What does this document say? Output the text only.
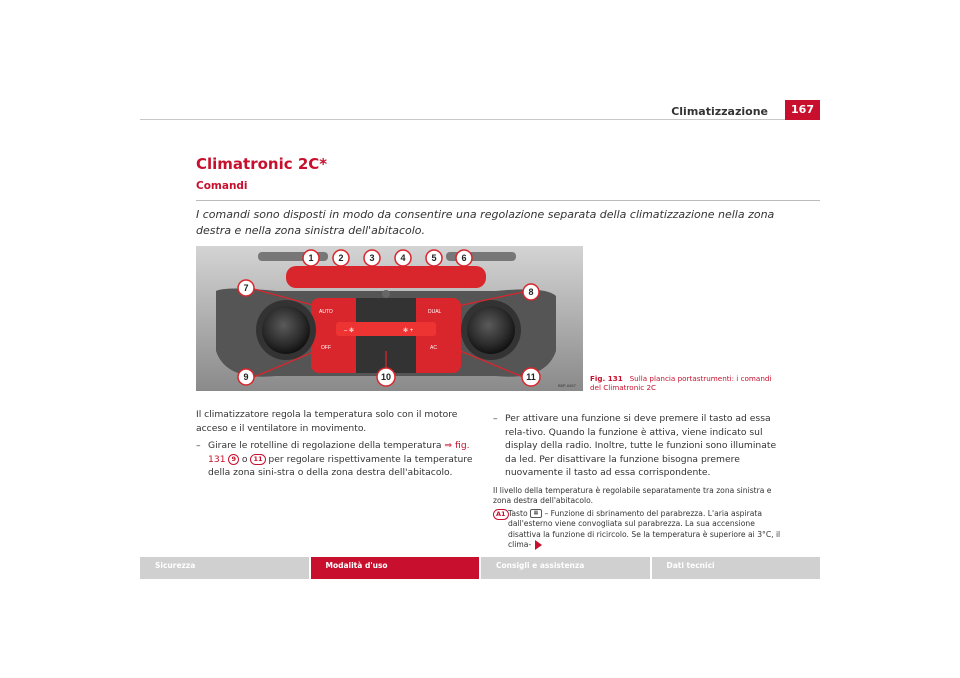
Climatizzazione	167
Climatronic 2C*
Comandi
I comandi sono disposti in modo da consentire una regolazione separata della climatizzazione nella zona destra e nella zona sinistra dell'abitacolo.
AUTO	DUAL
OFF	AC
– ✻	✻ +
B5P-0457
1	2	3	4	5	6
7	8
9	10	11	Fig. 131 Sulla plancia portastrumenti: i comandi del Climatronic 2C
Il climatizzatore regola la temperatura solo con il motore acceso e il ventilatore in movimento.
– Girare le rotelline di regolazione della temperatura ⇒ fig. 131 9 o 11 per regolare rispettivamente la temperature della zona sini-stra o della zona destra dell'abitacolo.
– Per attivare una funzione si deve premere il tasto ad essa rela-tivo. Quando la funzione è attiva, viene indicato sul display della radio. Inoltre, tutte le funzioni sono illuminate da led. Per disattivare la funzione bisogna premere nuovamente il tasto ad essa corrispondente.
Il livello della temperatura è regolabile separatamente tra zona sinistra e zona destra dell'abitacolo.
A1 Tasto ▦ – Funzione di sbrinamento del parabrezza. L'aria aspirata dall'esterno viene convogliata sul parabrezza. La sua accensione disattiva la funzione di ricircolo. Se la temperatura è superiore ai 3°C, il clima-
Sicurezza	Modalità d'uso	Consigli e assistenza	Dati tecnici
